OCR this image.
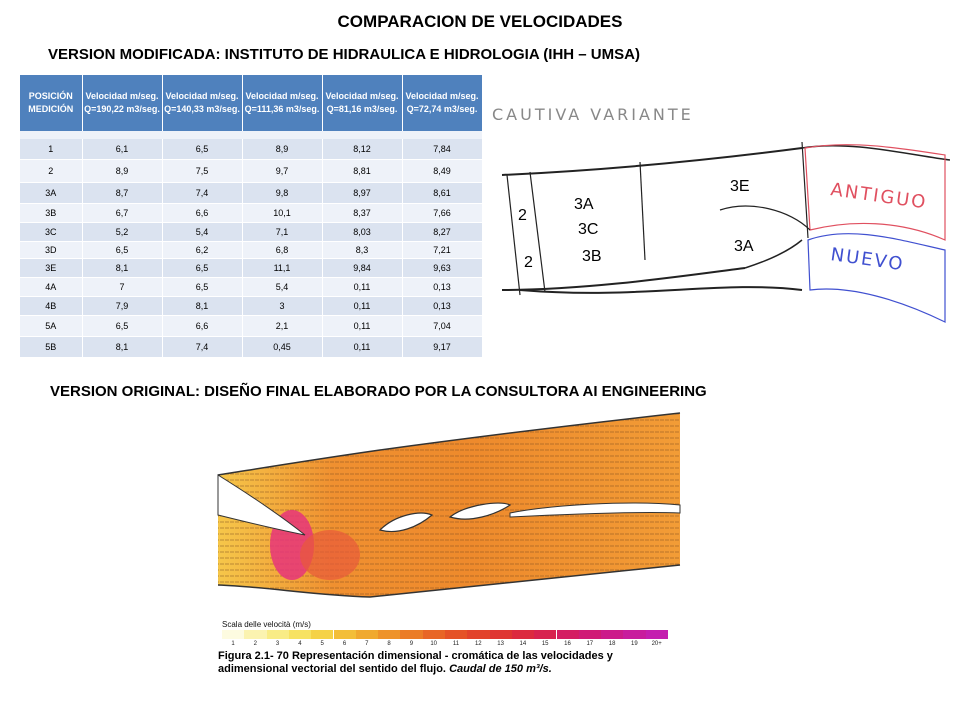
COMPARACION DE VELOCIDADES
VERSION MODIFICADA: INSTITUTO DE HIDRAULICA E HIDROLOGIA (IHH – UMSA)
POSICIÓN MEDICIÓN	Velocidad m/seg. Q=190,22 m3/seg.	Velocidad m/seg. Q=140,33 m3/seg.	Velocidad m/seg. Q=111,36 m3/seg.	Velocidad m/seg. Q=81,16 m3/seg.	Velocidad m/seg. Q=72,74 m3/seg.

1	6,1	6,5	8,9	8,12	7,84
2	8,9	7,5	9,7	8,81	8,49
3A	8,7	7,4	9,8	8,97	8,61
3B	6,7	6,6	10,1	8,37	7,66
3C	5,2	5,4	7,1	8,03	8,27
3D	6,5	6,2	6,8	8,3	7,21
3E	8,1	6,5	11,1	9,84	9,63
4A	7	6,5	5,4	0,11	0,13
4B	7,9	8,1	3	0,11	0,13
5A	6,5	6,6	2,1	0,11	7,04
5B	8,1	7,4	0,45	0,11	9,17
CAUTIVA VARIANTE
3E
2
3A
3C
3A
2	3B
ANTIGUO
NUEVO
VERSION ORIGINAL: DISEÑO FINAL ELABORADO POR LA CONSULTORA AI ENGINEERING
Scala delle velocità (m/s)
1	2	3	4	5	6	7	8	9	10	11	12	13	14	15	16	17	18	19	20+
Figura 2.1- 70 Representación dimensional - cromática de las velocidades y
adimensional vectorial del sentido del flujo. Caudal de 150 m³/s.
